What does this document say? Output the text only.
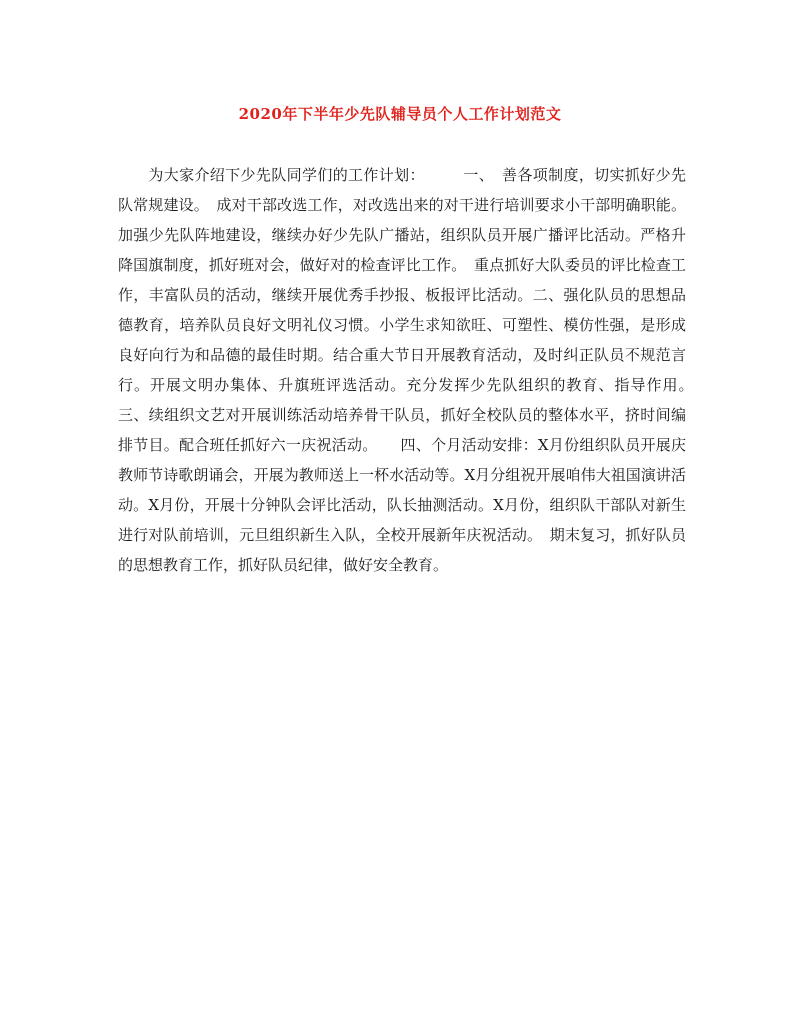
2020年下半年少先队辅导员个人工作计划范文
为大家介绍下少先队同学们的工作计划：　　　一、　善各项制度，切实抓好少先队常规建设。　成对干部改选工作，对改选出来的对干进行培训要求小干部明确职能。加强少先队阵地建设，继续办好少先队广播站，组织队员开展广播评比活动。严格升降国旗制度，抓好班对会，做好对的检查评比工作。　重点抓好大队委员的评比检查工作，丰富队员的活动，继续开展优秀手抄报、板报评比活动。二、强化队员的思想品德教育，培养队员良好文明礼仪习惯。小学生求知欲旺、可塑性、模仿性强，是形成良好向行为和品德的最佳时期。结合重大节日开展教育活动，及时纠正队员不规范言行。开展文明办集体、升旗班评选活动。充分发挥少先队组织的教育、指导作用。　　　三、续组织文艺对开展训练活动培养骨干队员，抓好全校队员的整体水平，挤时间编排节目。配合班任抓好六一庆祝活动。　　四、个月活动安排：X月份组织队员开展庆教师节诗歌朗诵会，开展为教师送上一杯水活动等。X月分组祝开展咱伟大祖国演讲活动。X月份，开展十分钟队会评比活动，队长抽测活动。X月份，组织队干部队对新生进行对队前培训，元旦组织新生入队，全校开展新年庆祝活动。　期末复习，抓好队员的思想教育工作，抓好队员纪律，做好安全教育。
